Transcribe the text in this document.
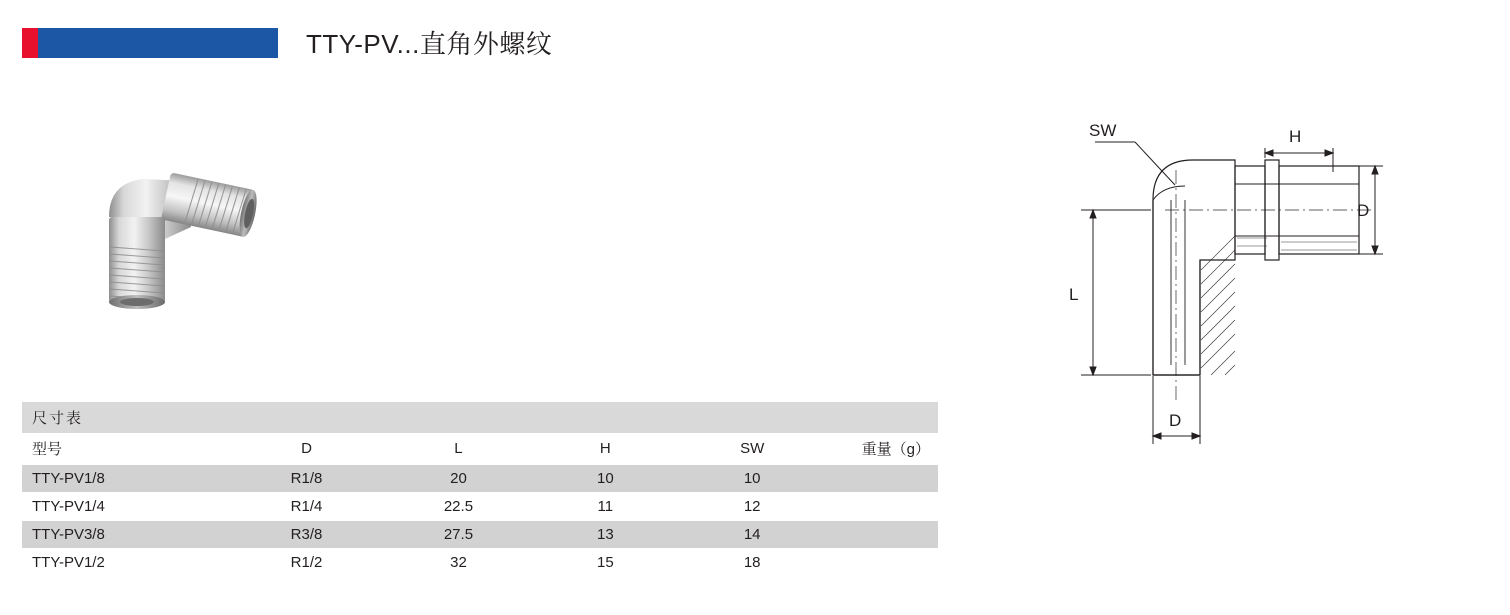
TTY-PV...直角外螺纹
SW	H
D
L
D
尺寸表
型号	D	L	H	SW	重量（g）
TTY-PV1/8	R1/8	20	10	10	
TTY-PV1/4	R1/4	22.5	11	12	
TTY-PV3/8	R3/8	27.5	13	14	
TTY-PV1/2	R1/2	32	15	18	
